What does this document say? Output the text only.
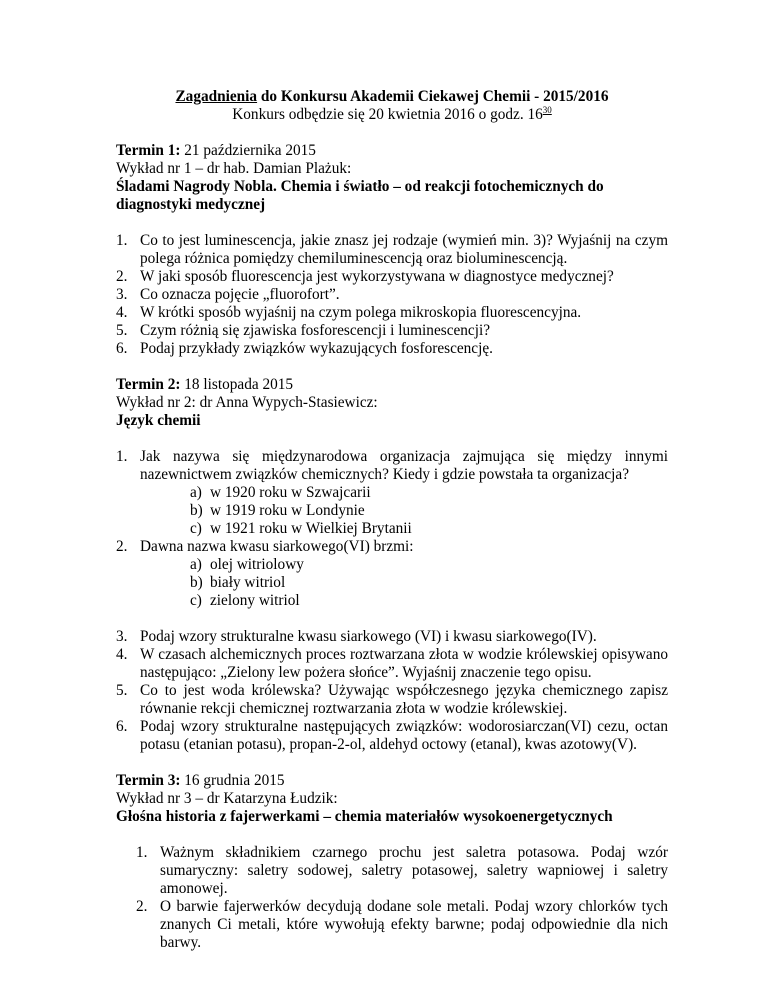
Zagadnienia do Konkursu Akademii Ciekawej Chemii - 2015/2016
Konkurs odbędzie się 20 kwietnia 2016 o godz. $16^{30}$
Termin 1: 21 października 2015
Wykład nr 1 – dr hab. Damian Plażuk:
Śladami Nagrody Nobla. Chemia i światło – od reakcji fotochemicznych do diagnostyki medycznej
1. Co to jest luminescencja, jakie znasz jej rodzaje (wymień min. 3)? Wyjaśnij na czym polega różnica pomiędzy chemiluminescencją oraz bioluminescencją.
2. W jaki sposób fluorescencja jest wykorzystywana w diagnostyce medycznej?
3. Co oznacza pojęcie „fluorofort”.
4. W krótki sposób wyjaśnij na czym polega mikroskopia fluorescencyjna.
5. Czym różnią się zjawiska fosforescencji i luminescencji?
6. Podaj przykłady związków wykazujących fosforescencję.
Termin 2: 18 listopada 2015
Wykład nr 2: dr Anna Wypych-Stasiewicz:
Język chemii
1. Jak nazywa się międzynarodowa organizacja zajmująca się między innymi nazewnictwem związków chemicznych? Kiedy i gdzie powstała ta organizacja?
a) w 1920 roku w Szwajcarii
b) w 1919 roku w Londynie
c) w 1921 roku w Wielkiej Brytanii
2. Dawna nazwa kwasu siarkowego(VI) brzmi:
a) olej witriolowy
b) biały witriol
c) zielony witriol
3. Podaj wzory strukturalne kwasu siarkowego (VI) i kwasu siarkowego(IV).
4. W czasach alchemicznych proces roztwarzana złota w wodzie królewskiej opisywano następująco: „Zielony lew pożera słońce”. Wyjaśnij znaczenie tego opisu.
5. Co to jest woda królewska? Używając współczesnego języka chemicznego zapisz równanie rekcji chemicznej roztwarzania złota w wodzie królewskiej.
6. Podaj wzory strukturalne następujących związków: wodorosiarczan(VI) cezu, octan potasu (etanian potasu), propan-2-ol, aldehyd octowy (etanal), kwas azotowy(V).
Termin 3: 16 grudnia 2015
Wykład nr 3 – dr Katarzyna Łudzik:
Głośna historia z fajerwerkami – chemia materiałów wysokoenergetycznych
1. Ważnym składnikiem czarnego prochu jest saletra potasowa. Podaj wzór sumaryczny: saletry sodowej, saletry potasowej, saletry wapniowej i saletry amonowej.
2. O barwie fajerwerków decydują dodane sole metali. Podaj wzory chlorków tych znanych Ci metali, które wywołują efekty barwne; podaj odpowiednie dla nich barwy.
